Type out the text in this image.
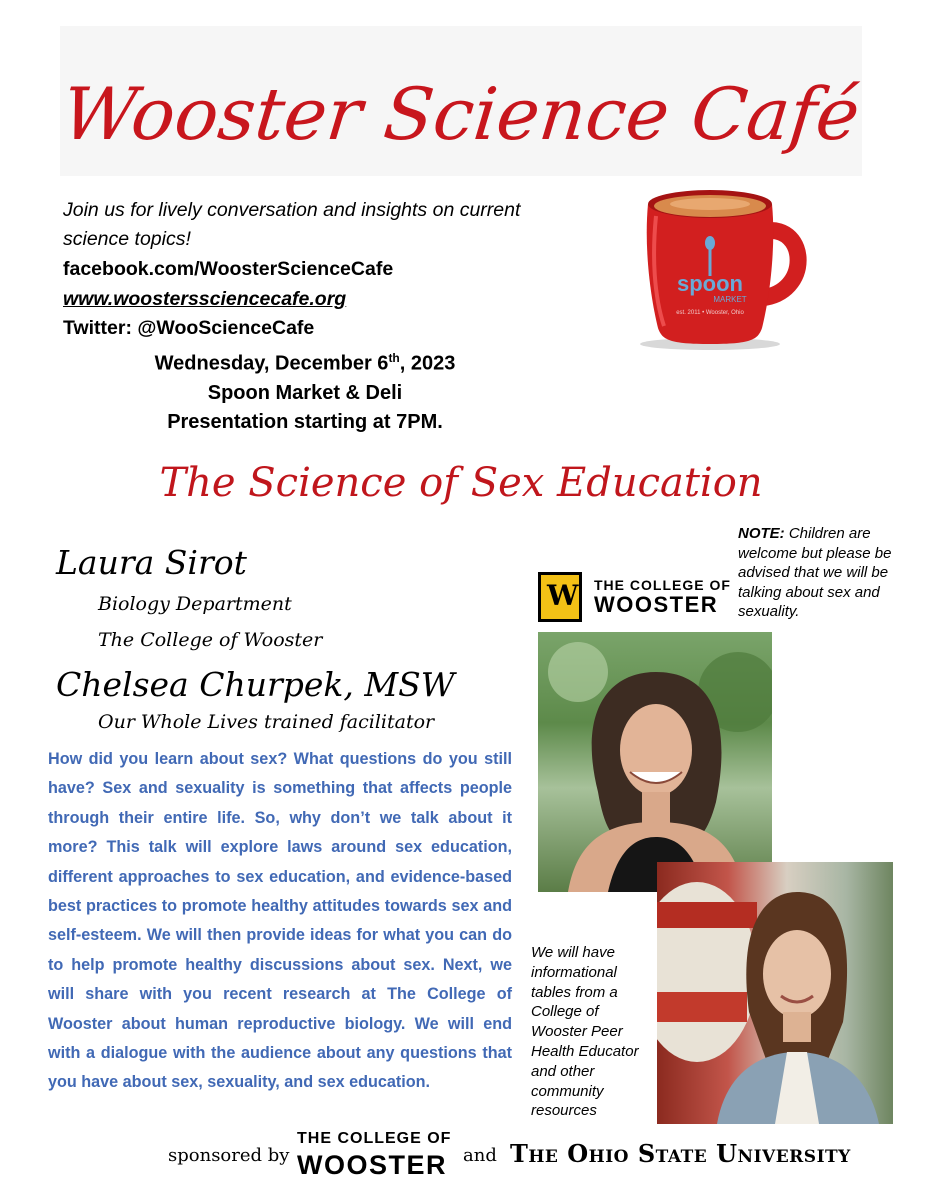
Wooster Science Café
Join us for lively conversation and insights on current science topics!
facebook.com/WoosterScienceCafe
www.woosterssciencecafe.org
Twitter: @WooScienceCafe
Wednesday, December 6th, 2023
Spoon Market & Deli
Presentation starting at 7PM.
spoon
MARKET
est. 2011 • Wooster, Ohio
The Science of Sex Education
Laura Sirot
Biology Department
The College of Wooster
Chelsea Churpek, MSW
Our Whole Lives trained facilitator
How did you learn about sex? What questions do you still have? Sex and sexuality is something that affects people through their entire life. So, why don’t we talk about it more? This talk will explore laws around sex education, different approaches to sex education, and evidence-based best practices to promote healthy attitudes towards sex and self-esteem. We will then provide ideas for what you can do to help promote healthy discussions about sex. Next, we will share with you recent research at The College of Wooster about human reproductive biology. We will end with a dialogue with the audience about any questions that you have about sex, sexuality, and sex education.
NOTE: Children are welcome but please be advised that we will be talking about sex and sexuality.
W THE COLLEGE OF
WOOSTER
We will have informational tables from a College of Wooster Peer Health Educator and other community resources
sponsored by
THE COLLEGE OF
WOOSTER and The Ohio State University
